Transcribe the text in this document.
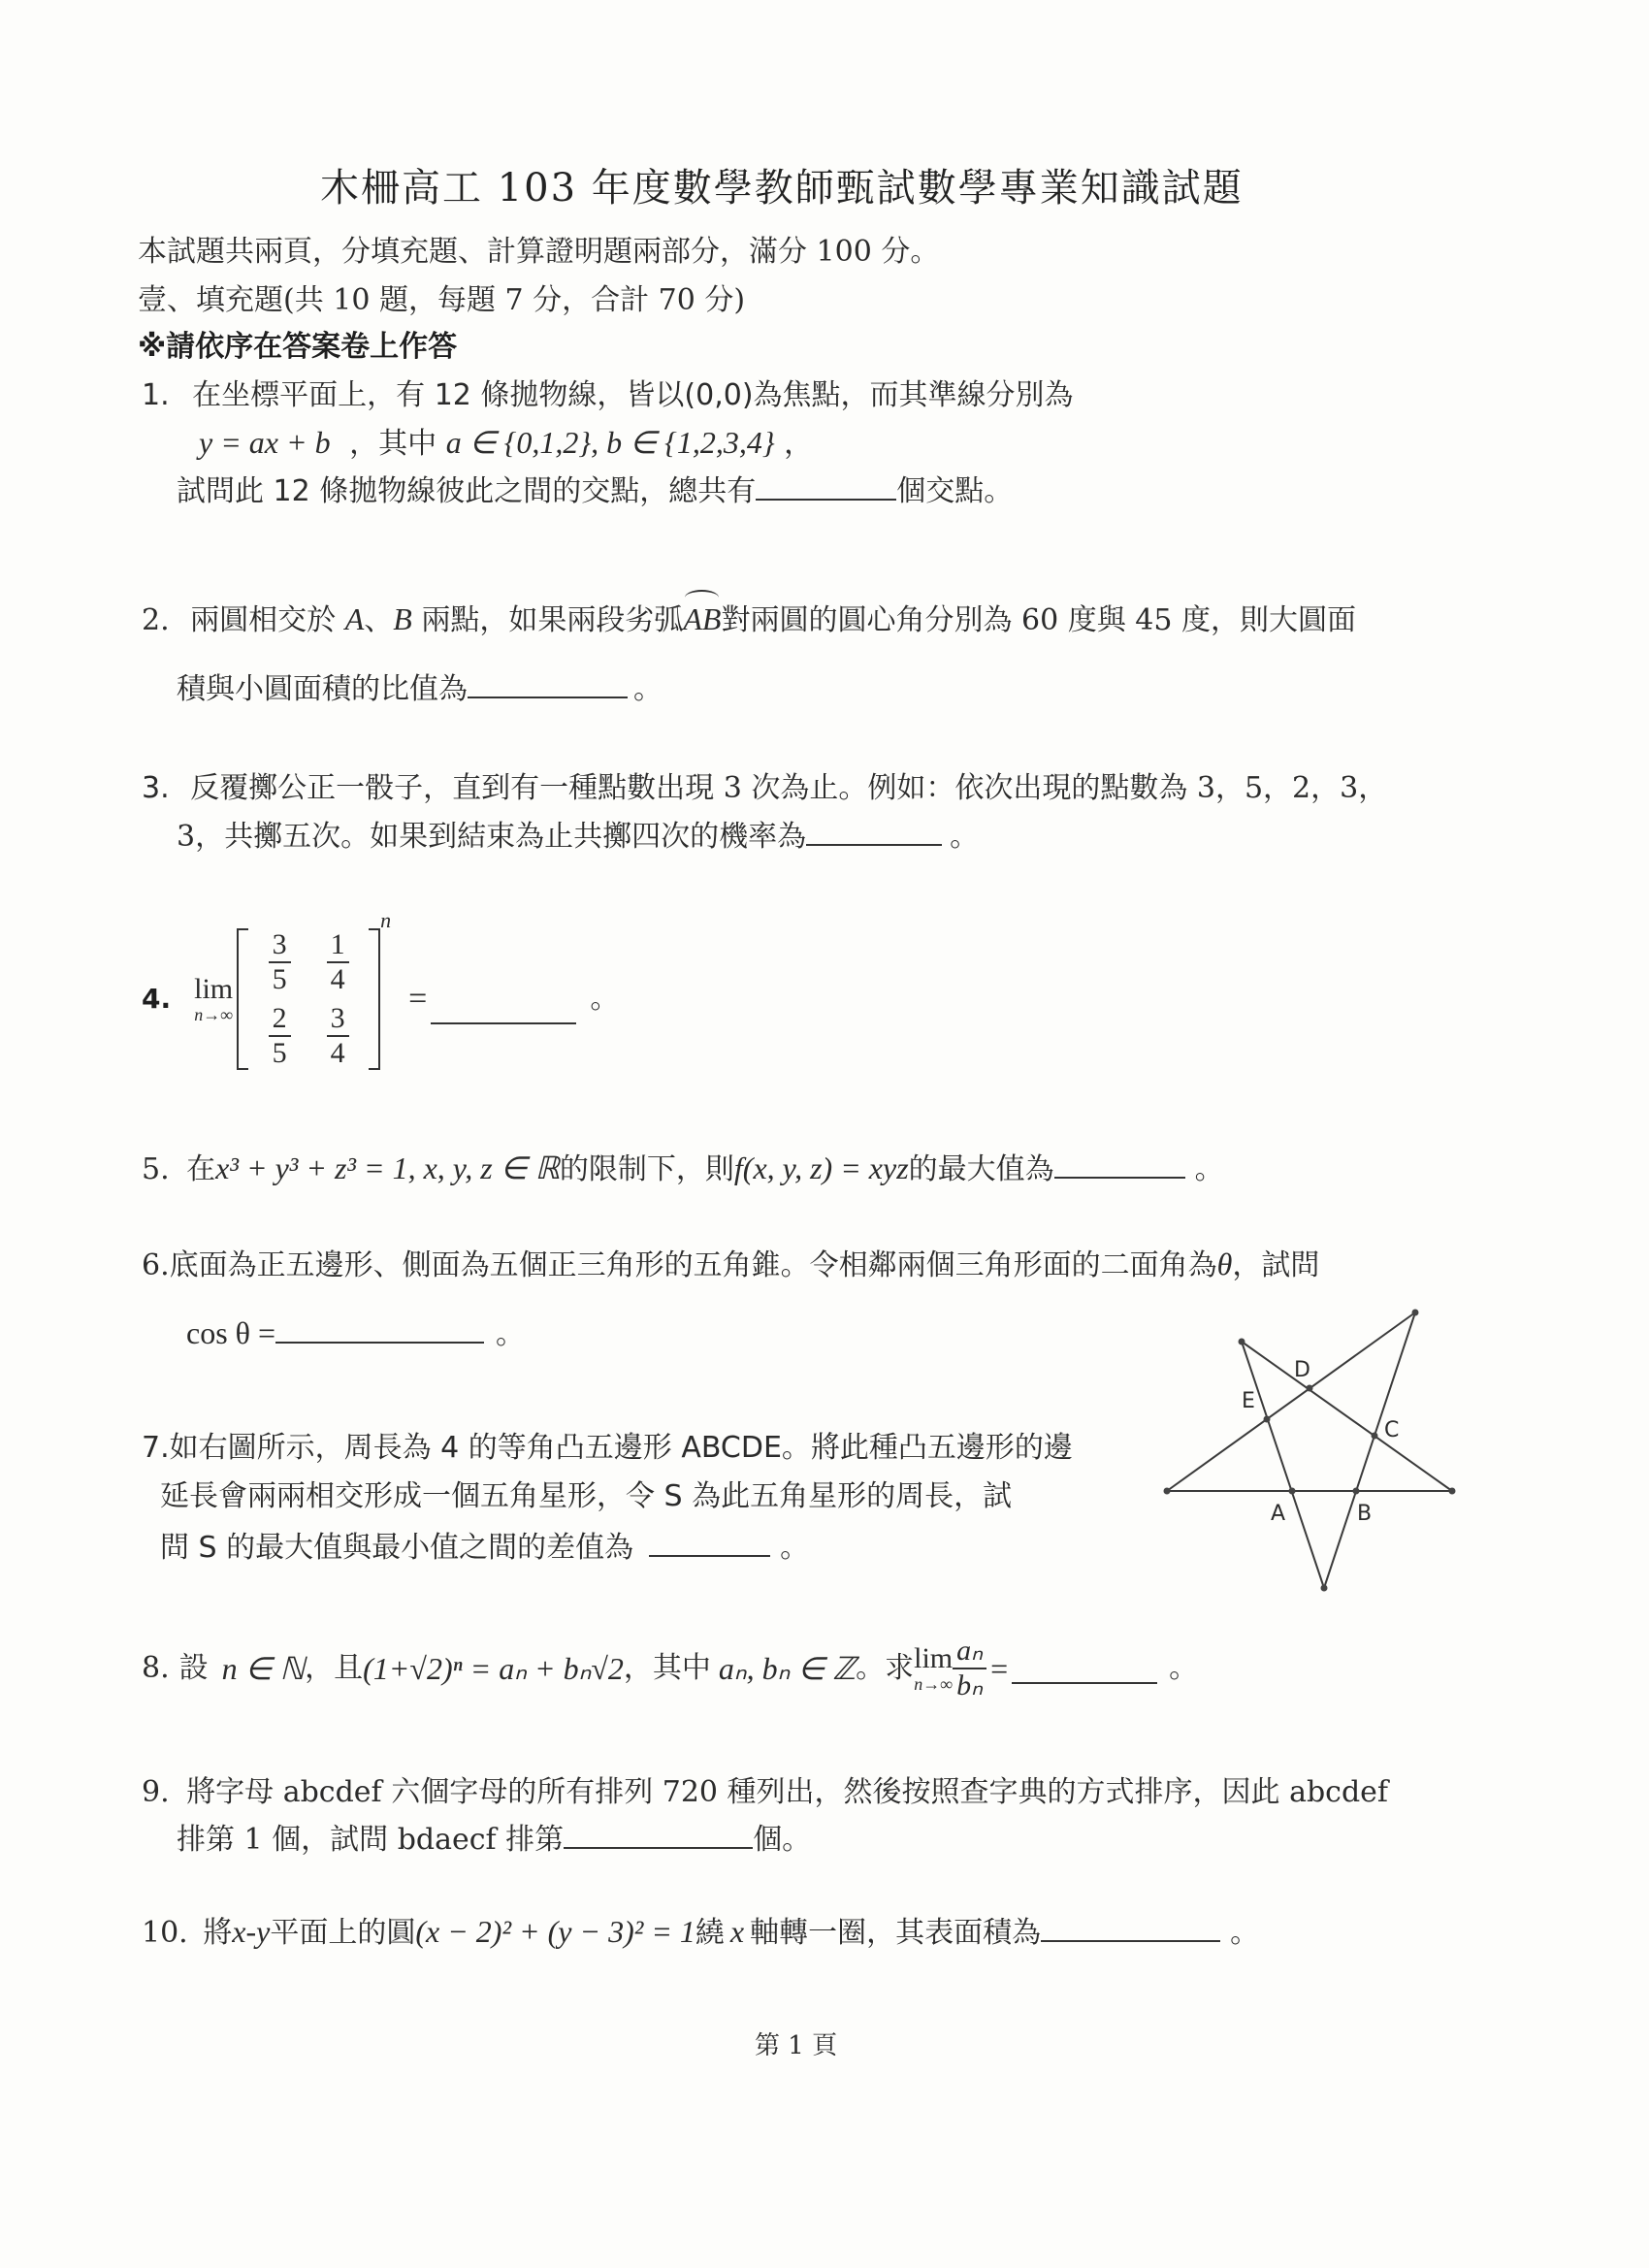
木柵高工 103 年度數學教師甄試數學專業知識試題
本試題共兩頁，分填充題、計算證明題兩部分，滿分 100 分。
壹、填充題(共 10 題，每題 7 分，合計 70 分)
※請依序在答案卷上作答
1. 在坐標平面上，有 12 條拋物線，皆以(0,0)為焦點，而其準線分別為
y = ax + b ，其中 a ∈ {0,1,2}, b ∈ {1,2,3,4} ，
試問此 12 條拋物線彼此之間的交點，總共有	個交點。
2. 兩圓相交於 A、B 兩點，如果兩段劣弧AB對兩圓的圓心角分別為 60 度與 45 度，則大圓面
積與小圓面積的比值為	。
3. 反覆擲公正一骰子，直到有一種點數出現 3 次為止。例如：依次出現的點數為 3，5，2，3，
3，共擲五次。如果到結束為止共擲四次的機率為	。
4. lim
n→∞
$\frac{3}{5} \frac{1}{4}$
$\frac{2}{5} \frac{3}{4}$
n
=	。
5. 在x³ + y³ + z³ = 1, x, y, z ∈ ℝ的限制下，則f(x, y, z) = xyz的最大值為	。
6.底面為正五邊形、側面為五個正三角形的五角錐。令相鄰兩個三角形面的二面角為θ，試問
cos θ =	。
7.如右圖所示，周長為 4 的等角凸五邊形 ABCDE。將此種凸五邊形的邊
延長會兩兩相交形成一個五角星形，令 S 為此五角星形的周長，試
問 S 的最大值與最小值之間的差值為	。
A	B
C
D
E
8. 設 n ∈ ℕ ，且 (1+√2)ⁿ = aₙ + bₙ√2 ，其中 aₙ, bₙ ∈ ℤ 。求 lim
$n\to\infty \frac{\text{aₙ}}{\text{bₙ}}$ =	。
9. 將字母 abcdef 六個字母的所有排列 720 種列出，然後按照查字典的方式排序，因此 abcdef
排第 1 個，試問 bdaecf 排第	個。
10. 將x-y平面上的圓(x − 2)² + (y − 3)² = 1繞 x 軸轉一圈，其表面積為	。
第 1 頁
